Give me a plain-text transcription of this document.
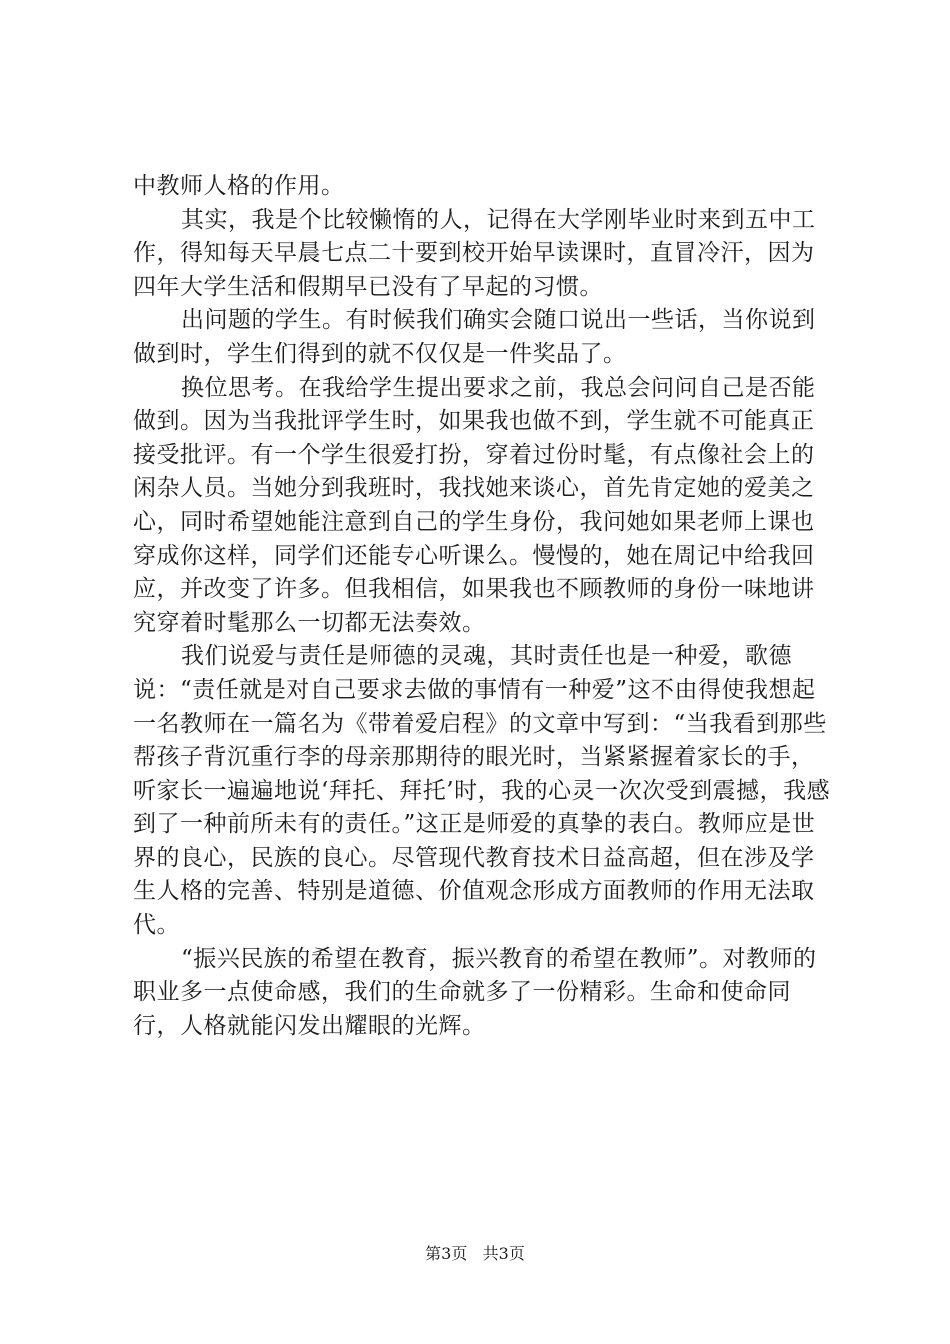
中教师人格的作用。

其实，我是个比较懒惰的人，记得在大学刚毕业时来到五中工作，得知每天早晨七点二十要到校开始早读课时，直冒冷汗，因为四年大学生活和假期早已没有了早起的习惯。

出问题的学生。有时候我们确实会随口说出一些话，当你说到做到时，学生们得到的就不仅仅是一件奖品了。

换位思考。在我给学生提出要求之前，我总会问问自己是否能做到。因为当我批评学生时，如果我也做不到，学生就不可能真正接受批评。有一个学生很爱打扮，穿着过份时髦，有点像社会上的闲杂人员。当她分到我班时，我找她来谈心，首先肯定她的爱美之心，同时希望她能注意到自己的学生身份，我问她如果老师上课也穿成你这样，同学们还能专心听课么。慢慢的，她在周记中给我回应，并改变了许多。但我相信，如果我也不顾教师的身份一味地讲究穿着时髦那么一切都无法奏效。

我们说爱与责任是师德的灵魂，其时责任也是一种爱，歌德说：“责任就是对自己要求去做的事情有一种爱”这不由得使我想起一名教师在一篇名为《带着爱启程》的文章中写到：“当我看到那些帮孩子背沉重行李的母亲那期待的眼光时，当紧紧握着家长的手，听家长一遍遍地说‘拜托、拜托’时，我的心灵一次次受到震撼，我感到了一种前所未有的责任。”这正是师爱的真挚的表白。教师应是世界的良心，民族的良心。尽管现代教育技术日益高超，但在涉及学生人格的完善、特别是道德、价值观念形成方面教师的作用无法取代。

“振兴民族的希望在教育，振兴教育的希望在教师”。对教师的职业多一点使命感，我们的生命就多了一份精彩。生命和使命同行，人格就能闪发出耀眼的光辉。

第3页 共3页
